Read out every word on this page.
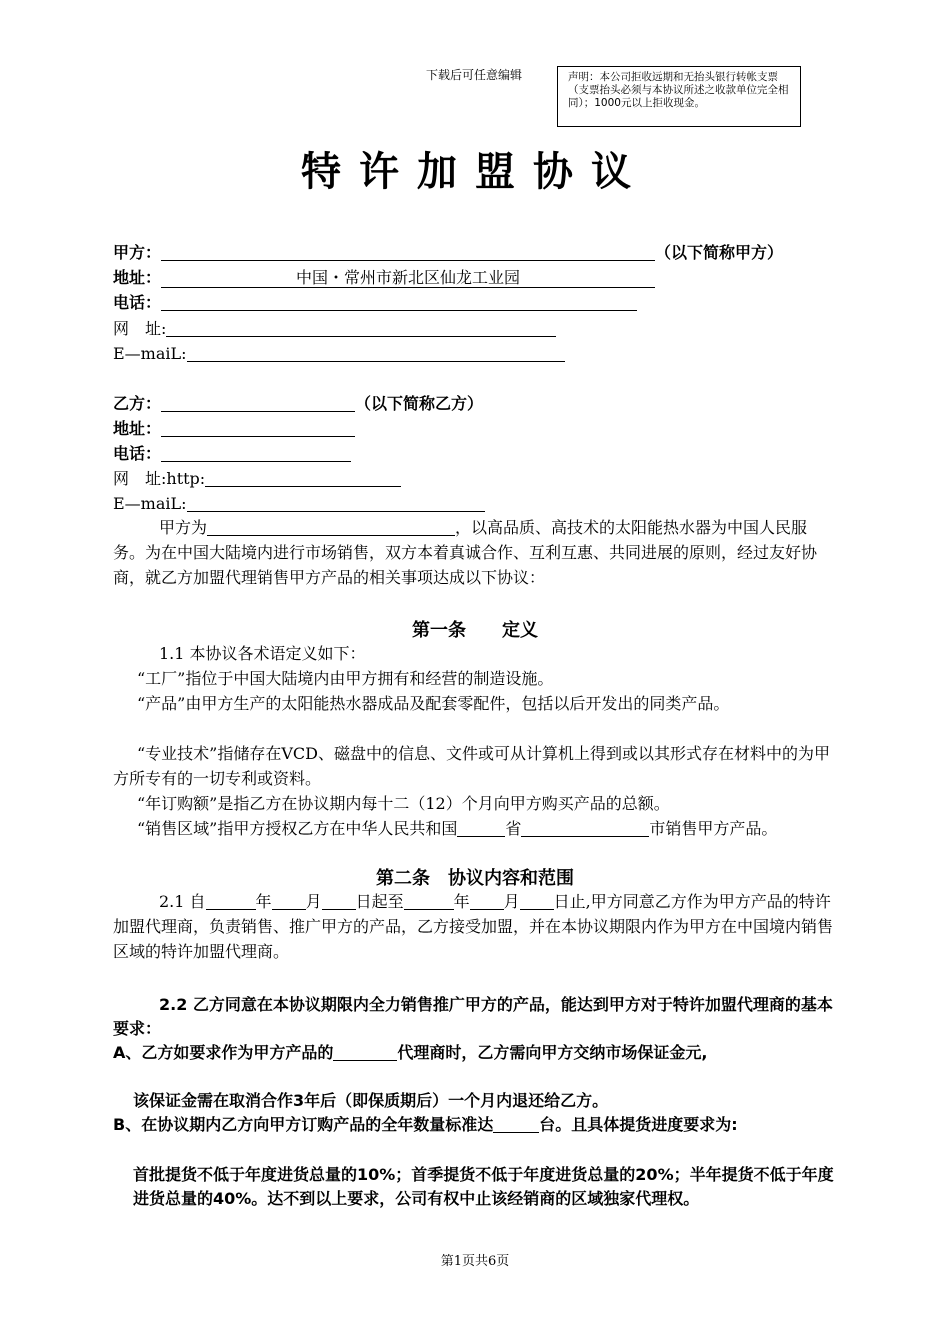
下载后可任意编辑	声明：本公司拒收远期和无抬头银行转帐支票（支票抬头必须与本协议所述之收款单位完全相同）；1000元以上拒收现金。
特许加盟协议
甲方：	（以下简称甲方）
地址：	中国・常州市新北区仙龙工业园
电话：
网　址:
E—maiL:
乙方：	（以下简称乙方）
地址：
电话：
网　址:http:
E—maiL:
甲方为	，以高品质、高技术的太阳能热水器为中国人民服务。为在中国大陆境内进行市场销售，双方本着真诚合作、互利互惠、共同进展的原则，经过友好协商，就乙方加盟代理销售甲方产品的相关事项达成以下协议：
第一条　　定义
1.1 本协议各术语定义如下：
“工厂”指位于中国大陆境内由甲方拥有和经营的制造设施。
“产品”由甲方生产的太阳能热水器成品及配套零配件，包括以后开发出的同类产品。
“专业技术”指储存在VCD、磁盘中的信息、文件或可从计算机上得到或以其形式存在材料中的为甲方所专有的一切专利或资料。
“年订购额”是指乙方在协议期内每十二（12）个月向甲方购买产品的总额。
“销售区域”指甲方授权乙方在中华人民共和国	省	市销售甲方产品。
第二条　协议内容和范围
2.1 自	年 月 日起至	年 月 日止,甲方同意乙方作为甲方产品的特许加盟代理商，负责销售、推广甲方的产品，乙方接受加盟，并在本协议期限内作为甲方在中国境内销售区域的特许加盟代理商。
2.2 乙方同意在本协议期限内全力销售推广甲方的产品，能达到甲方对于特许加盟代理商的基本要求：
A、乙方如要求作为甲方产品的	代理商时，乙方需向甲方交纳市场保证金元,
该保证金需在取消合作3年后（即保质期后）一个月内退还给乙方。
B、在协议期内乙方向甲方订购产品的全年数量标准达	台。且具体提货进度要求为:
首批提货不低于年度进货总量的10%；首季提货不低于年度进货总量的20%；半年提货不低于年度进货总量的40%。达不到以上要求，公司有权中止该经销商的区域独家代理权。
第1页共6页
